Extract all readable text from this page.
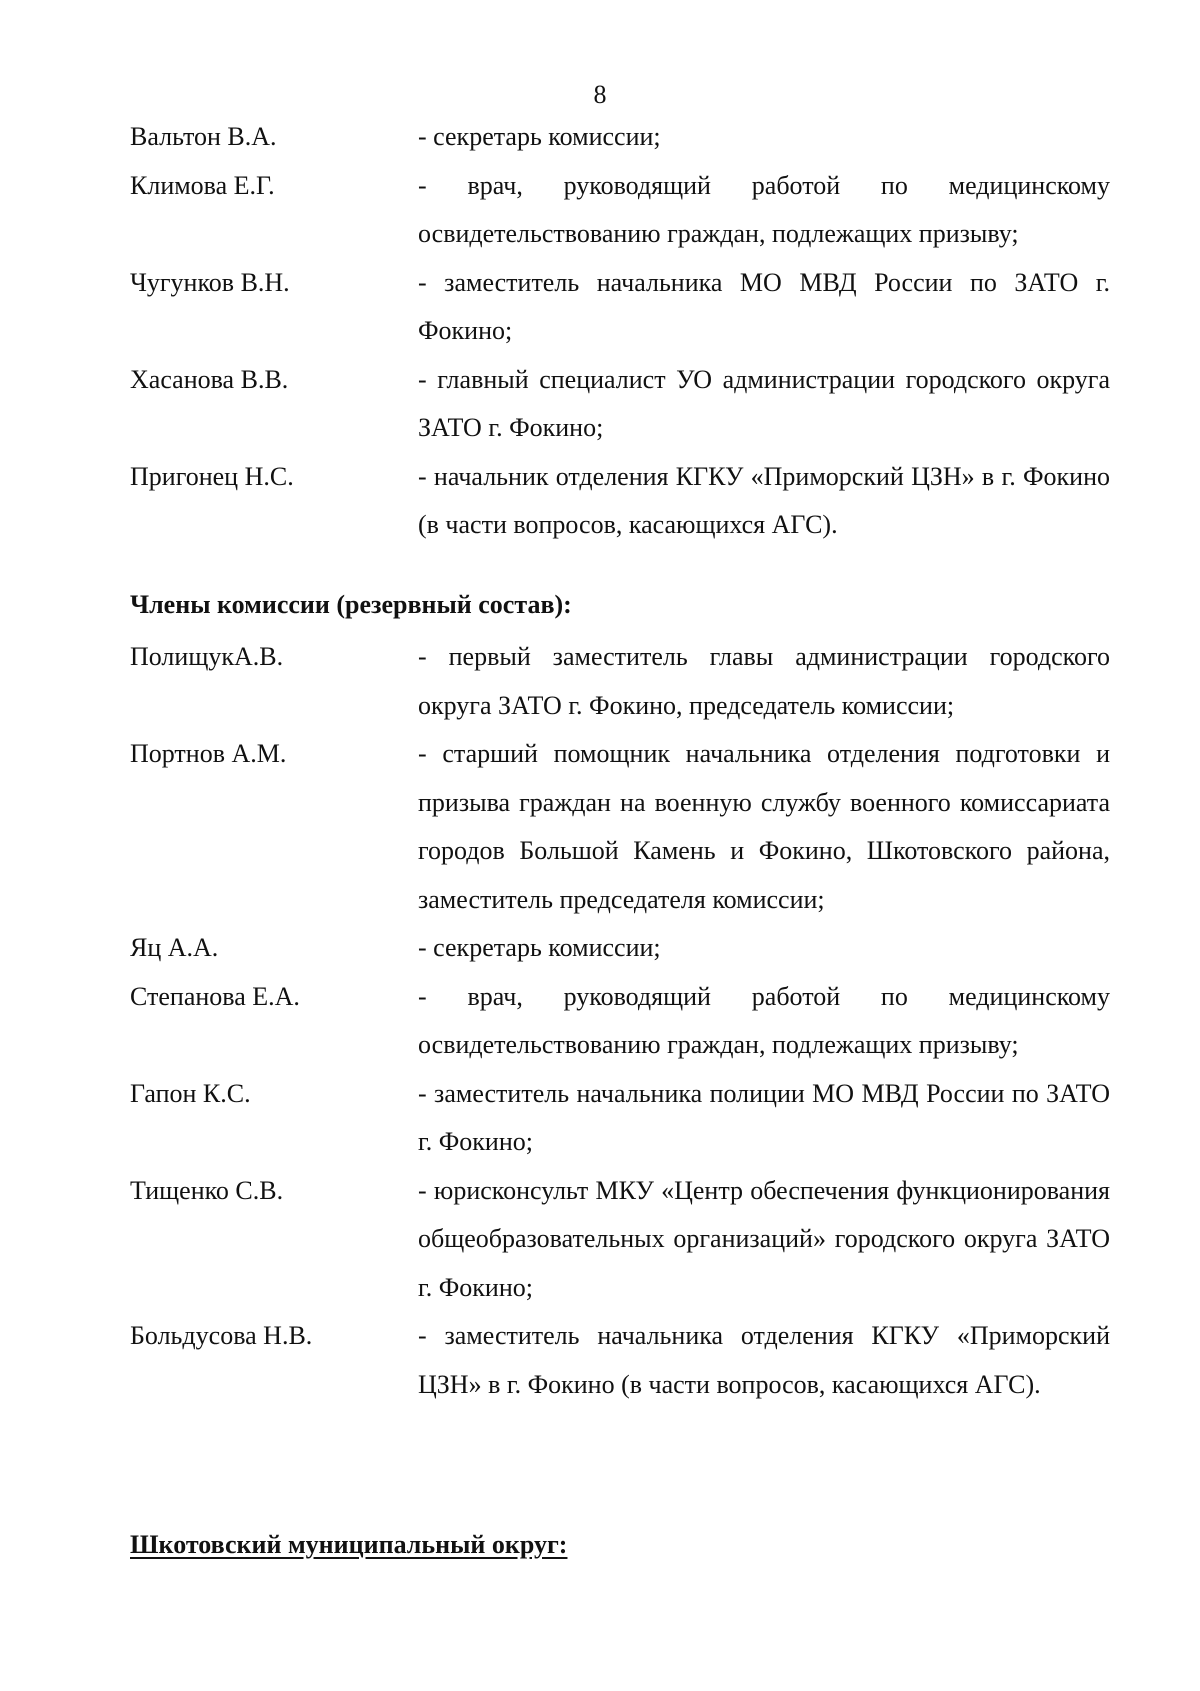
8
Вальтон В.А.	- секретарь комиссии;
Климова Е.Г.	- врач, руководящий работой по медицинскому освидетельствованию граждан, подлежащих призыву;
Чугунков В.Н.	- заместитель начальника МО МВД России по ЗАТО г. Фокино;
Хасанова В.В.	- главный специалист УО администрации городского округа ЗАТО г. Фокино;
Пригонец Н.С.	- начальник отделения КГКУ «Приморский ЦЗН» в г. Фокино (в части вопросов, касающихся АГС).
Члены комиссии (резервный состав):
ПолищукА.В.	- первый заместитель главы администрации городского округа ЗАТО г. Фокино, председатель комиссии;
Портнов А.М.	- старший помощник начальника отделения подготовки и призыва граждан на военную службу военного комиссариата городов Большой Камень и Фокино, Шкотовского района, заместитель председателя комиссии;
Яц А.А.	- секретарь комиссии;
Степанова Е.А.	- врач, руководящий работой по медицинскому освидетельствованию граждан, подлежащих призыву;
Гапон К.С.	- заместитель начальника полиции МО МВД России по ЗАТО г. Фокино;
Тищенко С.В.	- юрисконсульт МКУ «Центр обеспечения функционирования общеобразовательных организаций» городского округа ЗАТО г. Фокино;
Больдусова Н.В.	- заместитель начальника отделения КГКУ «Приморский ЦЗН» в г. Фокино (в части вопросов, касающихся АГС).
Шкотовский муниципальный округ:
